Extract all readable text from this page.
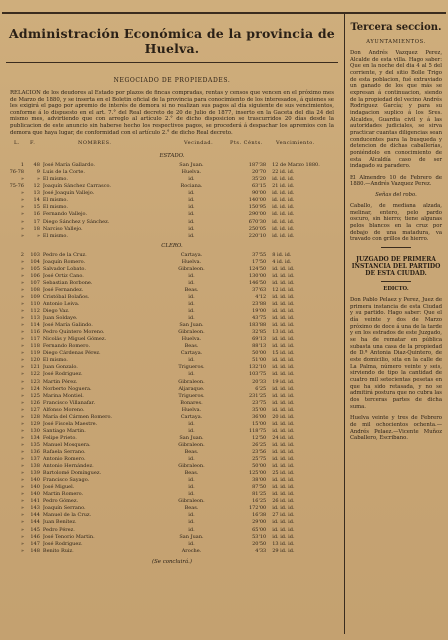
Administración Económica de la provincia de Huelva.
NEGOCIADO DE PROPIEDADES.
RELACION de los deudores al Estado por plazos de fincas compradas, rentas y censos que vencen en el próximo mes de Marzo de 1880, y se inserta en el Boletin oficial de la provincia para conocimiento de los interesados, á quienes se les exigirá el pago por apremio de interés de demora si no realizan sus pagos al día siguiente de sus vencimientos, conforme á lo dispuesto en el art. 7.° del Real decreto de 20 de Julio de 1877, inserto en la Gaceta del dia 24 del mismo mes, advirtiendo que con arreglo al artículo 2.° de dicho disposicion se trascurridos 20 días desde la publicacion de este anuncio sin haberse hecho los respectivos pagos, se procederá á despachar los apremios con la demora que haya lugar, de conformidad con el artículo 2.° de dicho Real decreto.
L. F.	NOMBRES.	Vecindad.	Pts. Cénts.	Vencimiento.
ESTADO.
1	48	José María Gallardo.	San Juan.	187'38	12 de Marzo 1880.
76-78	9	Luis de la Corte.	Huelva.	20'70	22 id. id.
»	»	El mismo.	id.	35'20	id. id. id.
75-76	12	Joaquín Sánchez Carrasco.	Rociana.	63'15	21 id. id.
»	13	José Joaquín Vallejo.	id.	90'00	id. id. id.
»	14	El mismo.	id.	140'00	id. id. id.
»	15	El mismo.	id.	150'95	id. id. id.
»	16	Fernando Vallejo.	id.	290'00	id. id. id.
»	17	Diego Sánchez y Sánchez.	id.	670'30	id. id. id.
»	18	Narciso Vallejo.	id.	250'05	id. id. id.
»	»	El mismo.	id.	220'10	id. id. id.
CLERO.
2	103	Pedro de la Cruz.	Cartaya.	37'55	8 id. id.
»	104	Joaquín Romero.	Huelva.	17'50	4 id. id.
»	105	Salvador Lobato.	Gibraleon.	124'50	id. id. id.
»	106	José Ortiz Cano.	id.	130'00	id. id. id.
»	107	Sebastian Borbone.	id.	146'50	id. id. id.
»	108	José Fernandez.	Beas.	37'63	12 id. id.
»	109	Cristóbal Bolaños.	id.	4'12	id. id. id.
»	110	Antonio Leiva.	id.	23'88	id. id. id.
»	112	Diego Vaz.	id.	19'00	id. id. id.
»	113	Juan Soldaye.	id.	43'75	id. id. id.
»	114	José María Galindo.	San Juan.	183'88	id. id. id.
»	116	Pedro Quintero Moreno.	Gibraleon.	32'85	13 id. id.
»	117	Nicolás y Miguel Gómez.	Huelva.	69'13	id. id. id.
»	118	Fernando Romero.	Beas.	88'13	id. id. id.
»	119	Diego Cárdenas Pérez.	Cartaya.	50'00	15 id. id.
»	120	El mismo.	id.	51'00	id. id. id.
»	121	Juan Gonzalo.	Trigueros.	132'10	id. id. id.
»	122	José Rodriguez.	id.	103'75	id. id. id.
»	123	Martin Pérez.	Gibraleon.	20'33	19 id. id.
»	124	Norberto Noguera.	Aljaraque.	6'25	id. id. id.
»	125	Marina Montiel.	Trigueros.	231'25	id. id. id.
»	126	Francisco Villanafar.	Bonares.	23'75	id. id. id.
»	127	Alfonso Moreno.	Huelva.	35'00	id. id. id.
»	128	María del Cármen Romero.	Cartaya.	36'00	20 id. id.
»	129	José Fiscela Maestre.	id.	15'00	id. id. id.
»	130	Santiago Martin.	id.	118'75	id. id. id.
»	134	Felipe Prieto.	San Juan.	12'50	24 id. id.
»	135	Manuel Mosquera.	Gibraleon.	26'25	id. id. id.
»	136	Rafaela Serrano.	Beas.	23'56	id. id. id.
»	137	Antonio Romero.	id.	25'75	id. id. id.
»	138	Antonio Hernández.	Gibraleon.	50'00	id. id. id.
»	139	Bartolomé Domínguez.	Beas.	125'00	25 id. id.
»	140	Francisco Sayago.	id.	38'00	id. id. id.
»	140	José Miguel.	id.	87'50	id. id. id.
»	140	Martin Romero.	id.	81'25	id. id. id.
»	141	Pedro Gómez.	Gibraleon.	16'25	26 id. id.
»	143	Joaquín Serrano.	Beas.	172'00	id. id. id.
»	144	Manuel de la Cruz.	id.	16'38	27 id. id.
»	144	Juan Benítez.	id.	29'00	id. id. id.
»	145	Pedro Pérez.	id.	65'00	id. id. id.
»	146	José Tenorio Martin.	San Juan.	53'10	id. id. id.
»	147	José Rodriguez.	id.	20'50	13 id. id.
»	148	Benito Ruiz.	Aroche.	4'33	29 id. id.
(Se concluirá.)
Tercera seccion.
AYUNTAMIENTOS.
Don Andrés Vazquez Perez, Alcalde de esta villa. Hago saber: Que en la noche del dia 4 al 5 del corriente, y del sitio Bolle Trigo de esta poblacion, fué extraviado un ganado de los que más se expresan á continuacion, siendo de la propiedad del vecino Andrés Rodriguez García; y para su indagacion suplico á los Sres. Alcaldes, Guardia civil y á las autoridades judiciales, se sirva practicar cuantas diligencias sean conducentes para la busqueda y detencion de dichas caballerías, poniéndolo en conocimiento de esta Alcaldía caso de ser indagado su paradero.
El Almendro 10 de Febrero de 1880.—Andrés Vazquez Perez.
Señas del robo.
Caballo, de mediana alzada, melinar, entero, pelo pardo oscuro, sin hierro; tiene algunas pelos blancos en la cruz por debajo de una matadura, va travado con grillos de hierro.
JUZGADO DE PRIMERA INSTANCIA DEL PARTIDO DE ESTA CIUDAD.
EDICTO.
Don Pablo Pelaez y Perez, Juez de primera instancia de esta Ciudad y su partido. Hago saber: Que el día veinte y dos de Marzo próximo de doce á una de la tarde y en los estrados de este Juzgado, se ha de rematar en pública subasta una casa de la propiedad de D.ª Antonia Diaz-Quintero, de este domicilio, sita en la calle de La Palma, número veinte y seis, sirviendo de tipo la cantidad de cuatro mil setecientas pesetas en que ha sido retasada, y no se admitirá postura que no cubra las dos terceras partes de dicha suma.
Huelva veinte y tres de Febrero de mil ochocientos ochenta.—Andrés Pelaez.—Vicente Muñoz Caballero, Escribano.
